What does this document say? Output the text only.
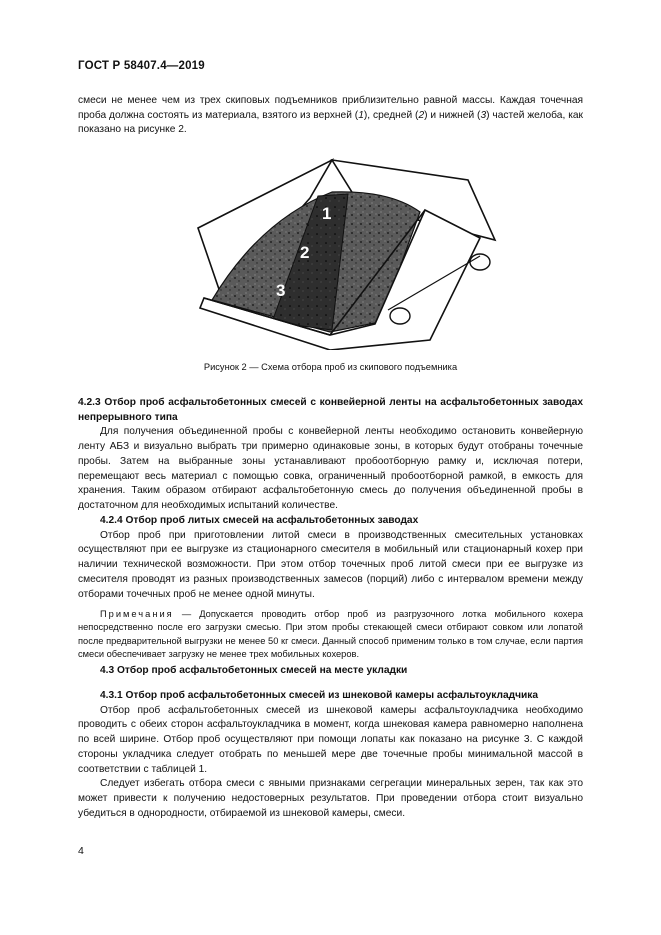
ГОСТ Р 58407.4—2019
смеси не менее чем из трех скиповых подъемников приблизительно равной массы. Каждая точечная проба должна состоять из материала, взятого из верхней (1), средней (2) и нижней (3) частей желоба, как показано на рисунке 2.
1
2
3
Рисунок 2 — Схема отбора проб из скипового подъемника

4.2.3 Отбор проб асфальтобетонных смесей с конвейерной ленты на асфальтобетонных заводах непрерывного типа

Для получения объединенной пробы с конвейерной ленты необходимо остановить конвейерную ленту АБЗ и визуально выбрать три примерно одинаковые зоны, в которых будут отобраны точечные пробы. Затем на выбранные зоны устанавливают пробоотборную рамку и, исключая потери, перемещают весь материал с помощью совка, ограниченный пробоотборной рамкой, в емкость для хранения. Таким образом отбирают асфальтобетонную смесь до получения объединенной пробы в достаточном для необходимых испытаний количестве.

4.2.4 Отбор проб литых смесей на асфальтобетонных заводах

Отбор проб при приготовлении литой смеси в производственных смесительных установках осуществляют при ее выгрузке из стационарного смесителя в мобильный или стационарный кохер при наличии технической возможности. При этом отбор точечных проб литой смеси при ее выгрузке из смесителя проводят из разных производственных замесов (порций) либо с интервалом времени между отборами точечных проб не менее одной минуты.

Примечания — Допускается проводить отбор проб из разгрузочного лотка мобильного кохера непосредственно после его загрузки смесью. При этом пробы стекающей смеси отбирают совком или лопатой после предварительной выгрузки не менее 50 кг смеси. Данный способ применим только в том случае, если партия смеси обеспечивает загрузку не менее трех мобильных кохеров.

4.3 Отбор проб асфальтобетонных смесей на месте укладки

4.3.1 Отбор проб асфальтобетонных смесей из шнековой камеры асфальтоукладчика

Отбор проб асфальтобетонных смесей из шнековой камеры асфальтоукладчика необходимо проводить с обеих сторон асфальтоукладчика в момент, когда шнековая камера равномерно наполнена по всей ширине. Отбор проб осуществляют при помощи лопаты как показано на рисунке 3. С каждой стороны укладчика следует отобрать по меньшей мере две точечные пробы минимальной массой в соответствии с таблицей 1.

Следует избегать отбора смеси с явными признаками сегрегации минеральных зерен, так как это может привести к получению недостоверных результатов. При проведении отбора стоит визуально убедиться в однородности, отбираемой из шнековой камеры, смеси.

4
